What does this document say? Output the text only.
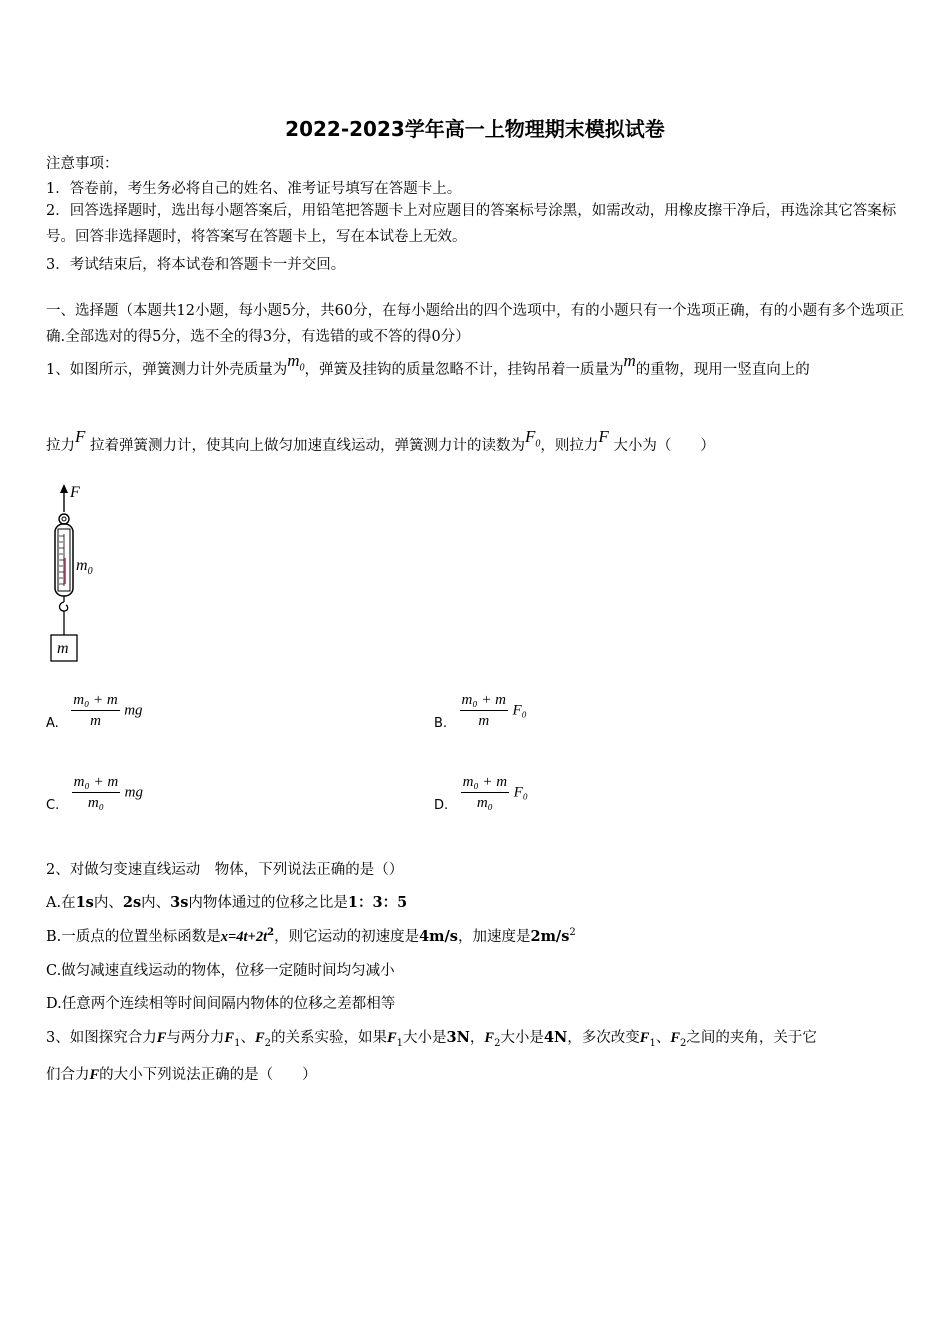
2022-2023学年高一上物理期末模拟试卷
注意事项：
1．答卷前，考生务必将自己的姓名、准考证号填写在答题卡上。
2．回答选择题时，选出每小题答案后，用铅笔把答题卡上对应题目的答案标号涂黑，如需改动，用橡皮擦干净后，再选涂其它答案标号。回答非选择题时，将答案写在答题卡上，写在本试卷上无效。
3．考试结束后，将本试卷和答题卡一并交回。
一、选择题（本题共12小题，每小题5分，共60分，在每小题给出的四个选项中，有的小题只有一个选项正确，有的小题有多个选项正确.全部选对的得5分，选不全的得3分，有选错的或不答的得0分）
1、如图所示，弹簧测力计外壳质量为$m_0$，弹簧及挂钩的质量忽略不计，挂钩吊着一质量为m的重物，现用一竖直向上的
拉力F 拉着弹簧测力计，使其向上做匀加速直线运动，弹簧测力计的读数为$F_0$，则拉力F 大小为（　　）
F
$m_0$
m
A. $\frac{\text{m₀ + m}}{m}$ mg
B. $\frac{\text{m₀ + m}}{m} F_0$
C. $\frac{\text{m₀ + m}}{\text{m₀}}$ mg
D. $\frac{\text{m₀ + m}}{\text{m₀}} F_0$
2、对做匀变速直线运动　物体，下列说法正确的是（）
A.在1s内、2s内、3s内物体通过的位移之比是1：3：5
B.一质点的位置坐标函数是$x=4t+2t^2$，则它运动的初速度是4m/s，加速度是$2m/s^2$
C.做匀减速直线运动的物体，位移一定随时间均匀减小
D.任意两个连续相等时间间隔内物体的位移之差都相等
3、如图探究合力F与两分力$F_1$、$F_2$的关系实验，如果$F_1$大小是3N，$F_2$大小是4N，多次改变$F_1$、$F_2$之间的夹角，关于它
们合力F的大小下列说法正确的是（　　）
